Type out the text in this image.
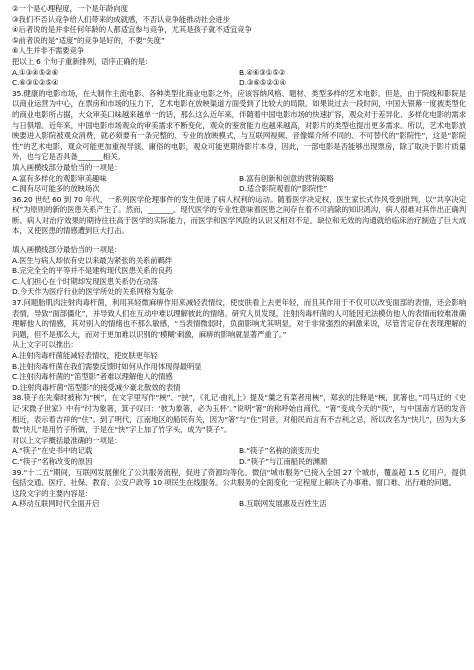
②一个是心理程度，一个是年龄向度
③我们不否认竞争给人们带来的成就感，不否认竞争能推动社会进步
④后者说的是并非任何年龄的人都适宜参与竞争，尤其是孩子就不适宜竞争
⑤前者说的是“适度”的竞争是好的，不要“失度”
⑥人生并非不需要竞争
把以上 6 个句子重新排列，语序正确的是：
A.①③④⑤②⑥	B.④⑥③①⑤②
C.⑥③①②⑤④	D.③⑥⑤②①④
35.健康的电影市场，在大制作主流电影、各种类型化商业电影之外，应该容纳风格、题材、类型多样的艺术电影。但是，由于院线和影院是以商业运营为中心，在票房和市场的压力下，艺术电影在放映渠道方面受到了比较大的局限。如果说过去一段时间，中国大银幕一度被类型化的商业电影所占据，大众审美口味越来越单一的话，那么这么近年来，伴随着中国电影市场的快速扩容，观众对于差异化、多样化电影的需求与日俱增。近年来，中国电影市场观众的审美需求不断变化，观众的鉴赏能力也越来越高，对影片的类型也提出更多需求。所以，艺术电影放映要进入影院被观众消费，就必须要有一条完整的、专业的放映模式，与互联网视频、音像媒介所不同的、不可替代的“影院性”，这是“影院性”的艺术电影，观众可能更加重视导演、庸俗的电影，观众可能更期待影片本身，因此，一部电影是否能够出现票房，除了取决于影片质量外，也与它是否具备_______相关。
填入画横线部分最恰当的一项是：
A.富有多样化的观影审美趣味	B.富有创新和创意的营销策略
C.拥有尽可能多的放映场次	D.适合影院观看的“影院性”
36.20 世纪 60 到 70 年代，一系列医学伦理事件的发生促进了病人权利的运动。随着医学决定权，医生家长式作风受到批判，以“共享决定权”为原则的新的医患关系产生了。然而，_______。现代医学的专业性意味着医患之间存在着不可消除的知识鸿沟，病人很难对其作出正确判断。病人对治疗效果的期待往往高于医学的实际能力，而医学和医学风险的认识又相对不足。缺位和无效的沟通就给临床治疗制造了巨大成本，又使医患的情感遭到巨大打击。
填入画横线部分最恰当的一项是：
A.医生与病人却依有史以来最为紧张的关系前羁绊
B.完完全全的平等并不是建构现代医患关系的良药
C.人们担心在个时期却发现医患关系仍在动荡
D.今天作为医疗行业的医学所处的关系网格为复杂
37.问题胎肌肉注射肉毒杆菌，利用其轻微麻痹作用来减轻表情纹，使皮肤看上去更年轻，而且其作用于不仅可以改变面部的表情，还会影响表情，导致“面部僵化”，并导致人们在互动中难以理解彼此的情绪。研究人员发现，注射肉毒杆菌的人可能因无法模仿他人的表情而较难准确理解他人的情感，其对别人的情绪也不那么敏感，“当表情微弱时，负面影响尤其明显，对于非常强烈的刺激来说，尽管肯定存在表现理解的问题，但不是那么大，而对于更加难以识别的‘模糊’刺激，麻痹的影响就显著严重了。”
从上文字可以推出：
A.注射肉毒杆菌能减轻表情纹，使皮肤更年轻
B.注射肉毒杆菌在我们需要反馈时如何从作用体现得最明显
C.注射肉毒杆菌的“笛型影”者难以理解他人的情感
D.注射肉毒杆菌“笛型影”的接受减少豪北散效的表情
38.筷子在先秦时被称为“梜”，在文字里写作“梜”、“挟”，《礼记·曲礼上》提及“羹之有菜者用梜”，郑玄的注释是“梜，犹箸也。”司马迁的《史记·宋微子世家》中有“纣为象箸，箕子叹曰：‘彼为象箸，必为玉杯’。”说明“箸”的称呼始自商代。“箸”变成今天的“筷”，与中国南方话的发音相近，表示着吉祥的“住”。到了明代，江南地区的船民有关，因为“箸”与“住”同音，对船民而言有不吉利之忌，所以改名为“快儿”，因为大多数“快儿”是用竹子所做，于是在“快”字上加了竹字头，成为“筷子”。
对以上文字概括最准确的一项是：
A.“筷子”在史书中的记载	B.“筷子”名称的演变历史
C.“筷子”名称改变的原因	D.“筷子”与江南船民的渊源
39.“十二五”期间，互联网发展催化了公共服务流程，促进了资源均等化。微信“城市服务”已接入全国 27 个城市，覆盖超 1.5 亿用户，提供包括交通、医疗、社保、教育、公安户政等 10 项民生在线服务。公共服务的全面变化一定程度上解决了办事难、窗口难、出行难的问题。
这段文字的主要内容是：
A.移动互联网时代全面开启	B.互联网发展惠及百姓生活
